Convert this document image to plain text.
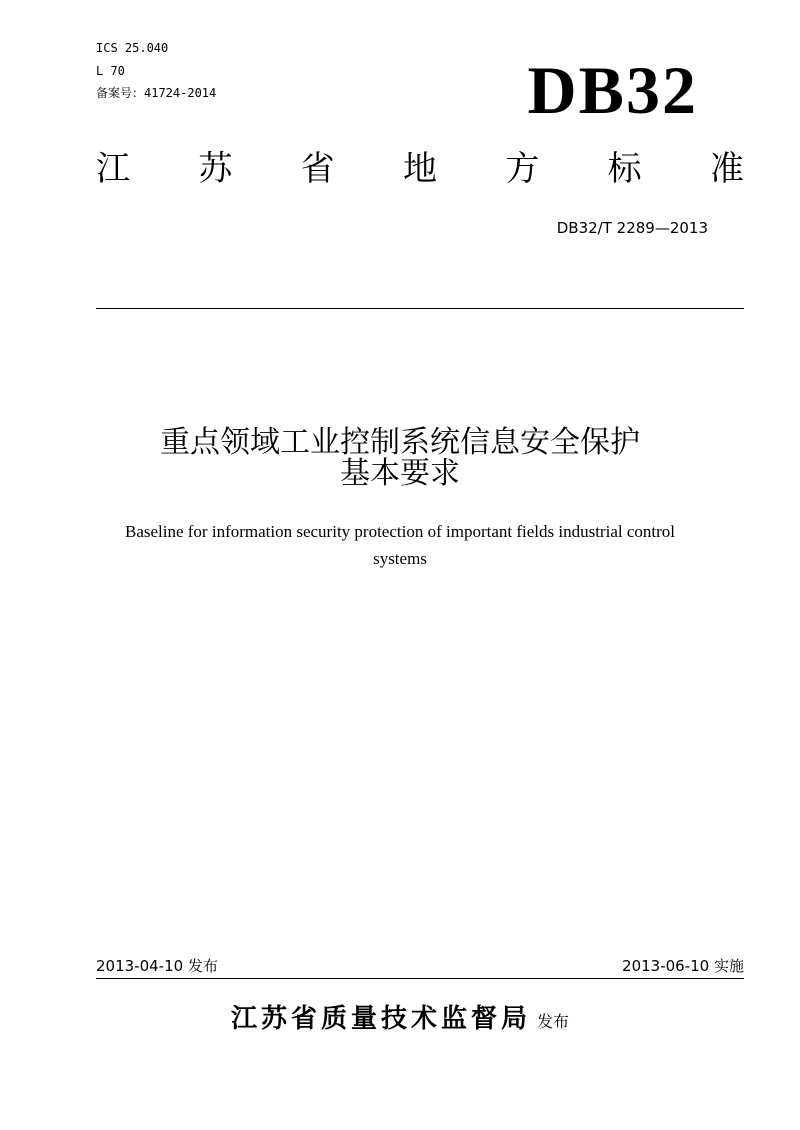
ICS 25.040
L 70
备案号：41724-2014	DB32
江 苏 省 地 方 标 准
DB32/T 2289—2013
重点领域工业控制系统信息安全保护
基本要求
Baseline for information security protection of important fields industrial control
systems
2013-04-10 发布	2013-06-10 实施
江苏省质量技术监督局 发布
